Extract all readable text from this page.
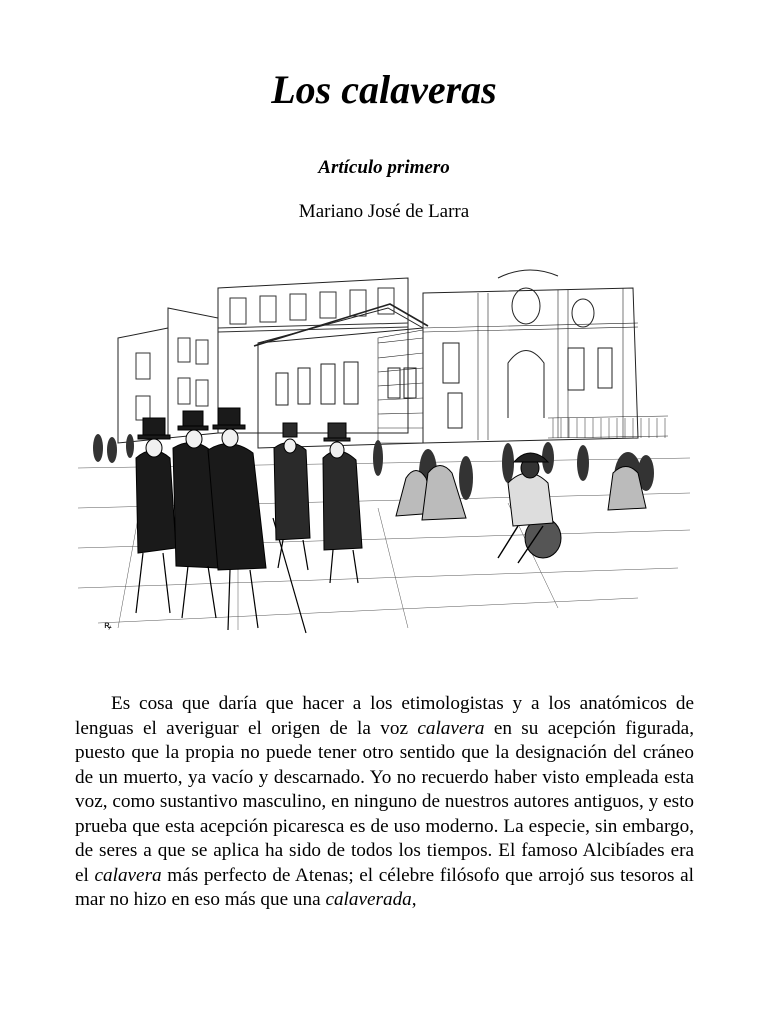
Los calaveras
Artículo primero
Mariano José de Larra
ꝶ

Es cosa que daría que hacer a los etimologistas y a los anatómicos de lenguas el averiguar el origen de la voz calavera en su acepción figurada, puesto que la propia no puede tener otro sentido que la designación del cráneo de un muerto, ya vacío y descarnado. Yo no recuerdo haber visto empleada esta voz, como sustantivo masculino, en ninguno de nuestros autores antiguos, y esto prueba que esta acepción picaresca es de uso moderno. La especie, sin embargo, de seres a que se aplica ha sido de todos los tiempos. El famoso Alcibíades era el calavera más perfecto de Atenas; el célebre filósofo que arrojó sus tesoros al mar no hizo en eso más que una calaverada,
